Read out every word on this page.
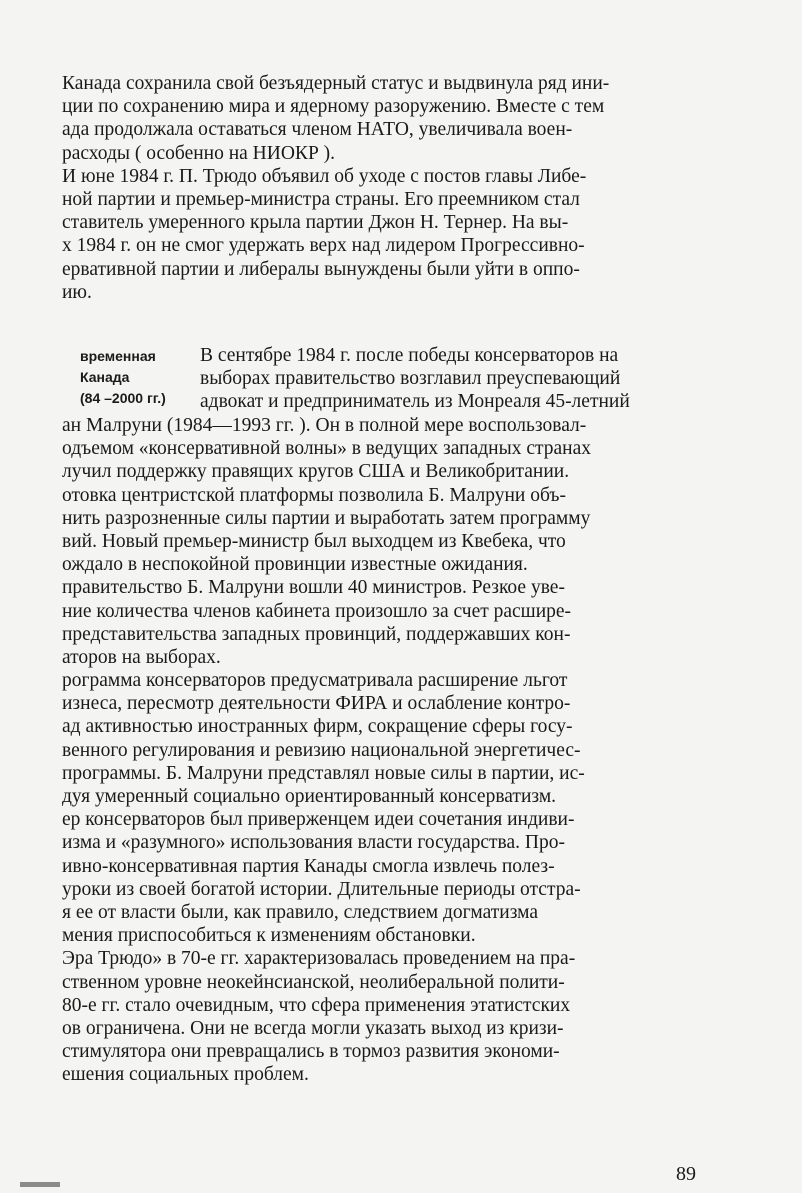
Канада сохранила свой безъядерный статус и выдвинула ряд ини-
ции по сохранению мира и ядерному разоружению. Вместе с тем
ада продолжала оставаться членом НАТО, увеличивала воен-
расходы ( особенно на НИОКР ).
И юне 1984 г. П. Трюдо объявил об уходе с постов главы Либе-
ной партии и премьер-министра страны. Его преемником стал
ставитель умеренного крыла партии Джон Н. Тернер. На вы-
х 1984 г. он не смог удержать верх над лидером Прогрессивно-
ервативной партии и либералы вынуждены были уйти в оппо-
ию.
временная
Канада
(84 –2000 гг.)
В сентябре 1984 г. после победы консерваторов на
выборах правительство возглавил преуспевающий
адвокат и предприниматель из Монреаля 45-летний
ан Малруни (1984—1993 гг. ). Он в полной мере воспользовал-
одъемом «консервативной волны» в ведущих западных странах
лучил поддержку правящих кругов США и Великобритании.
отовка центристской платформы позволила Б. Малруни объ-
нить разрозненные силы партии и выработать затем программу
вий. Новый премьер-министр был выходцем из Квебека, что
ождало в неспокойной провинции известные ожидания.
правительство Б. Малруни вошли 40 министров. Резкое уве-
ние количества членов кабинета произошло за счет расшире-
представительства западных провинций, поддержавших кон-
аторов на выборах.
рограмма консерваторов предусматривала расширение льгот
изнеса, пересмотр деятельности ФИРА и ослабление контро-
ад активностью иностранных фирм, сокращение сферы госу-
венного регулирования и ревизию национальной энергетичес-
программы. Б. Малруни представлял новые силы в партии, ис-
дуя умеренный социально ориентированный консерватизм.
ер консерваторов был приверженцем идеи сочетания индиви-
изма и «разумного» использования власти государства. Про-
ивно-консервативная партия Канады смогла извлечь полез-
уроки из своей богатой истории. Длительные периоды отстра-
я ее от власти были, как правило, следствием догматизма
мения приспособиться к изменениям обстановки.
Эра Трюдо» в 70-е гг. характеризовалась проведением на пра-
ственном уровне неокейнсианской, неолиберальной полити-
80-е гг. стало очевидным, что сфера применения этатистских
ов ограничена. Они не всегда могли указать выход из кризи-
стимулятора они превращались в тормоз развития экономи-
ешения социальных проблем.
89
